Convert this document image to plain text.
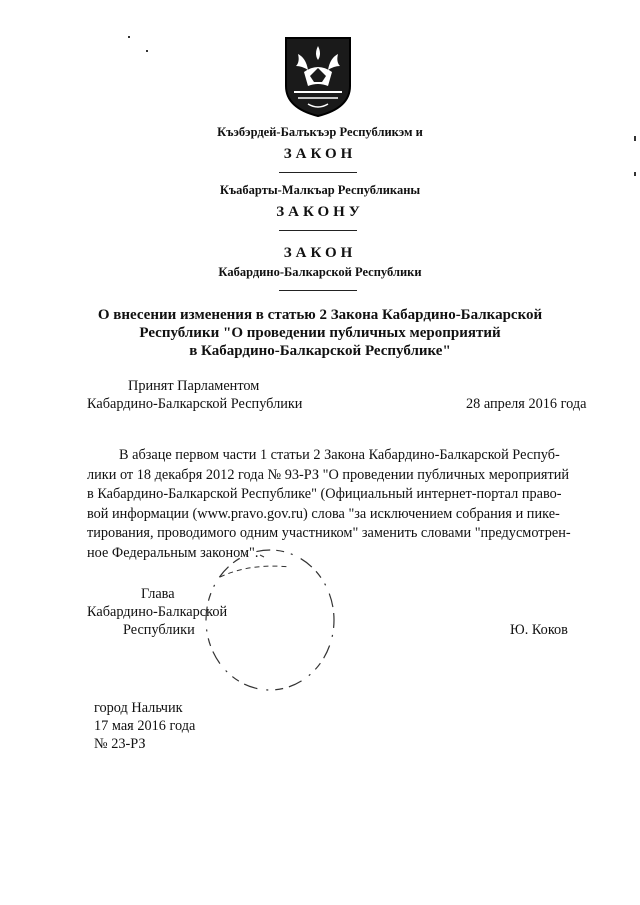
Къэбэрдей-Балъкъэр Республикэм и
ЗАКОН
Къабарты-Малкъар Республиканы
ЗАКОНУ
ЗАКОН
Кабардино-Балкарской Республики
О внесении изменения в статью 2 Закона Кабардино-Балкарской
Республики "О проведении публичных мероприятий
в Кабардино-Балкарской Республике"
Принят Парламентом
Кабардино-Балкарской Республики	28 апреля 2016 года
В абзаце первом части 1 статьи 2 Закона Кабардино-Балкарской Респуб-
лики от 18 декабря 2012 года № 93-РЗ "О проведении публичных мероприятий
в Кабардино-Балкарской Республике" (Официальный интернет-портал право-
вой информации (www.pravo.gov.ru) слова "за исключением собрания и пике-
тирования, проводимого одним участником" заменить словами "предусмотрен-
ное Федеральным законом".
Глава
Кабардино-Балкарской
Республики	Ю. Коков
город Нальчик
17 мая 2016 года
№ 23-РЗ
